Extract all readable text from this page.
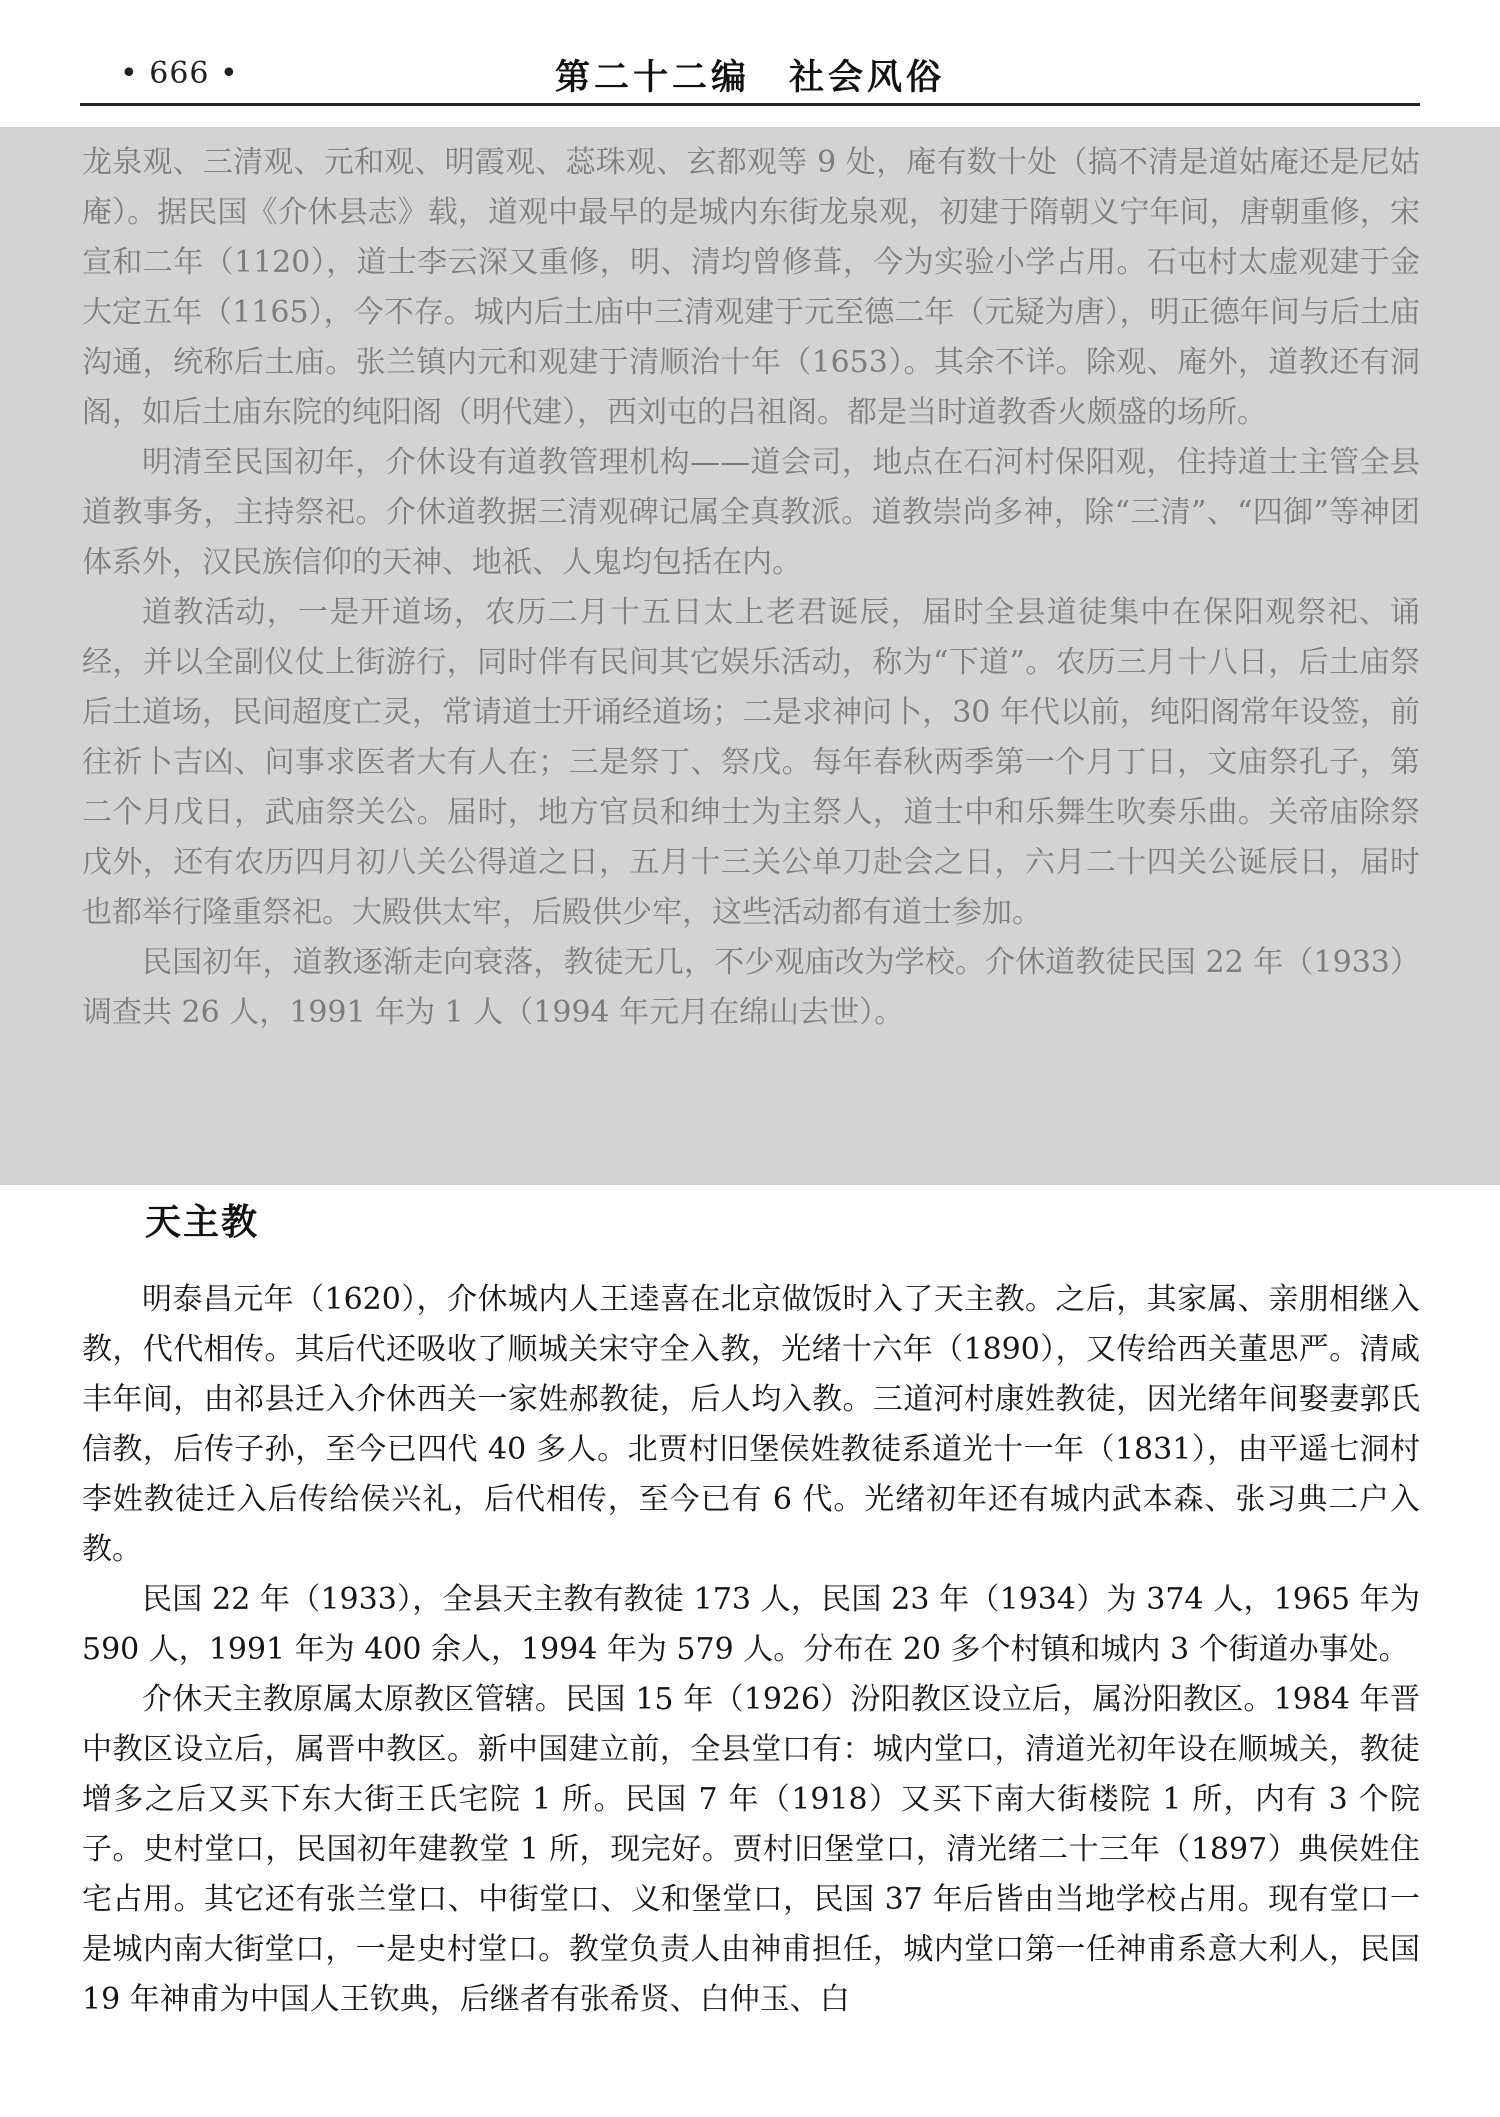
• 666 •	第二十二编　社会风俗

龙泉观、三清观、元和观、明霞观、蕊珠观、玄都观等 9 处，庵有数十处（搞不清是道姑庵还是尼姑庵）。据民国《介休县志》载，道观中最早的是城内东街龙泉观，初建于隋朝义宁年间，唐朝重修，宋宣和二年（1120），道士李云深又重修，明、清均曾修葺，今为实验小学占用。石屯村太虚观建于金大定五年（1165），今不存。城内后土庙中三清观建于元至德二年（元疑为唐），明正德年间与后土庙沟通，统称后土庙。张兰镇内元和观建于清顺治十年（1653）。其余不详。除观、庵外，道教还有洞阁，如后土庙东院的纯阳阁（明代建），西刘屯的吕祖阁。都是当时道教香火颇盛的场所。

明清至民国初年，介休设有道教管理机构——道会司，地点在石河村保阳观，住持道士主管全县道教事务，主持祭祀。介休道教据三清观碑记属全真教派。道教崇尚多神，除“三清”、“四御”等神团体系外，汉民族信仰的天神、地祇、人鬼均包括在内。

道教活动，一是开道场，农历二月十五日太上老君诞辰，届时全县道徒集中在保阳观祭祀、诵经，并以全副仪仗上街游行，同时伴有民间其它娱乐活动，称为“下道”。农历三月十八日，后土庙祭后土道场，民间超度亡灵，常请道士开诵经道场；二是求神问卜，30 年代以前，纯阳阁常年设签，前往祈卜吉凶、问事求医者大有人在；三是祭丁、祭戊。每年春秋两季第一个月丁日，文庙祭孔子，第二个月戊日，武庙祭关公。届时，地方官员和绅士为主祭人，道士中和乐舞生吹奏乐曲。关帝庙除祭戊外，还有农历四月初八关公得道之日，五月十三关公单刀赴会之日，六月二十四关公诞辰日，届时也都举行隆重祭祀。大殿供太牢，后殿供少牢，这些活动都有道士参加。

民国初年，道教逐渐走向衰落，教徒无几，不少观庙改为学校。介休道教徒民国 22 年（1933）调查共 26 人，1991 年为 1 人（1994 年元月在绵山去世）。

天主教

明泰昌元年（1620），介休城内人王逵喜在北京做饭时入了天主教。之后，其家属、亲朋相继入教，代代相传。其后代还吸收了顺城关宋守全入教，光绪十六年（1890），又传给西关董思严。清咸丰年间，由祁县迁入介休西关一家姓郝教徒，后人均入教。三道河村康姓教徒，因光绪年间娶妻郭氏信教，后传子孙，至今已四代 40 多人。北贾村旧堡侯姓教徒系道光十一年（1831），由平遥七洞村李姓教徒迁入后传给侯兴礼，后代相传，至今已有 6 代。光绪初年还有城内武本森、张习典二户入教。

民国 22 年（1933），全县天主教有教徒 173 人，民国 23 年（1934）为 374 人，1965 年为 590 人，1991 年为 400 余人，1994 年为 579 人。分布在 20 多个村镇和城内 3 个街道办事处。

介休天主教原属太原教区管辖。民国 15 年（1926）汾阳教区设立后，属汾阳教区。1984 年晋中教区设立后，属晋中教区。新中国建立前，全县堂口有：城内堂口，清道光初年设在顺城关，教徒增多之后又买下东大街王氏宅院 1 所。民国 7 年（1918）又买下南大街楼院 1 所，内有 3 个院子。史村堂口，民国初年建教堂 1 所，现完好。贾村旧堡堂口，清光绪二十三年（1897）典侯姓住宅占用。其它还有张兰堂口、中街堂口、义和堡堂口，民国 37 年后皆由当地学校占用。现有堂口一是城内南大街堂口，一是史村堂口。教堂负责人由神甫担任，城内堂口第一任神甫系意大利人，民国 19 年神甫为中国人王钦典，后继者有张希贤、白仲玉、白
